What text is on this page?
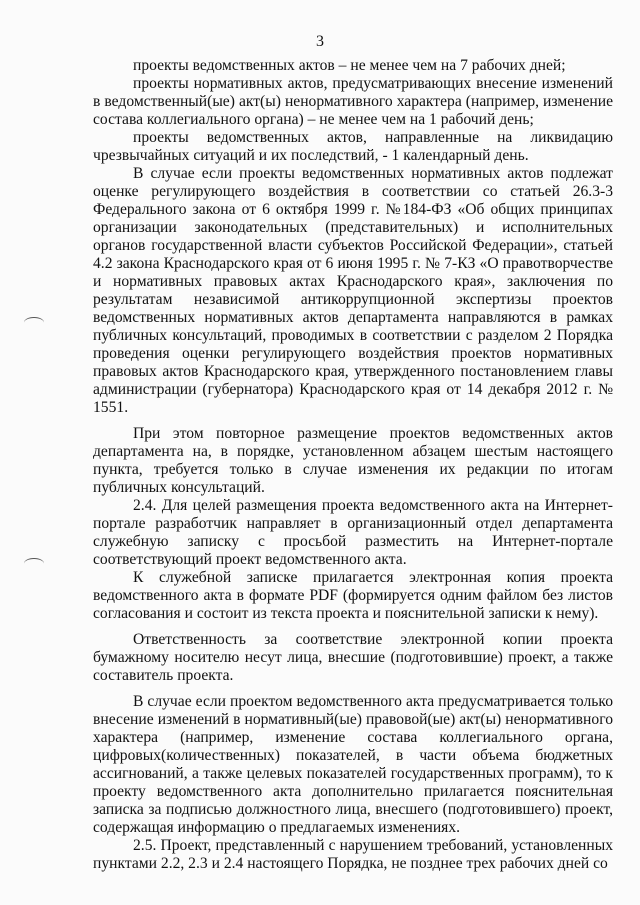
3

проекты ведомственных актов – не менее чем на 7 рабочих дней;

проекты нормативных актов, предусматривающих внесение изменений в ведомственный(ые) акт(ы) ненормативного характера (например, изменение состава коллегиального органа) – не менее чем на 1 рабочий день;

проекты ведомственных актов, направленные на ликвидацию чрезвычайных ситуаций и их последствий, - 1 календарный день.

В случае если проекты ведомственных нормативных актов подлежат оценке регулирующего воздействия в соответствии со статьей 26.3-3 Федерального закона от 6 октября 1999 г. №184-ФЗ «Об общих принципах организации законодательных (представительных) и исполнительных органов государственной власти субъектов Российской Федерации», статьей 4.2 закона Краснодарского края от 6 июня 1995 г. № 7-КЗ «О правотворчестве и нормативных правовых актах Краснодарского края», заключения по результатам независимой антикоррупционной экспертизы проектов ведомственных нормативных актов департамента направляются в рамках публичных консультаций, проводимых в соответствии с разделом 2 Порядка проведения оценки регулирующего воздействия проектов нормативных правовых актов Краснодарского края, утвержденного постановлением главы администрации (губернатора) Краснодарского края от 14 декабря 2012 г. № 1551.

При этом повторное размещение проектов ведомственных актов департамента на, в порядке, установленном абзацем шестым настоящего пункта, требуется только в случае изменения их редакции по итогам публичных консультаций.

2.4. Для целей размещения проекта ведомственного акта на Интернет-портале разработчик направляет в организационный отдел департамента служебную записку с просьбой разместить на Интернет-портале соответствующий проект ведомственного акта.

К служебной записке прилагается электронная копия проекта ведомственного акта в формате PDF (формируется одним файлом без листов согласования и состоит из текста проекта и пояснительной записки к нему).

Ответственность за соответствие электронной копии проекта бумажному носителю несут лица, внесшие (подготовившие) проект, а также составитель проекта.

В случае если проектом ведомственного акта предусматривается только внесение изменений в нормативный(ые) правовой(ые) акт(ы) ненормативного характера (например, изменение состава коллегиального органа, цифровых(количественных) показателей, в части объема бюджетных ассигнований, а также целевых показателей государственных программ), то к проекту ведомственного акта дополнительно прилагается пояснительная записка за подписью должностного лица, внесшего (подготовившего) проект, содержащая информацию о предлагаемых изменениях.

2.5. Проект, представленный с нарушением требований, установленных пунктами 2.2, 2.3 и 2.4 настоящего Порядка, не позднее трех рабочих дней со
